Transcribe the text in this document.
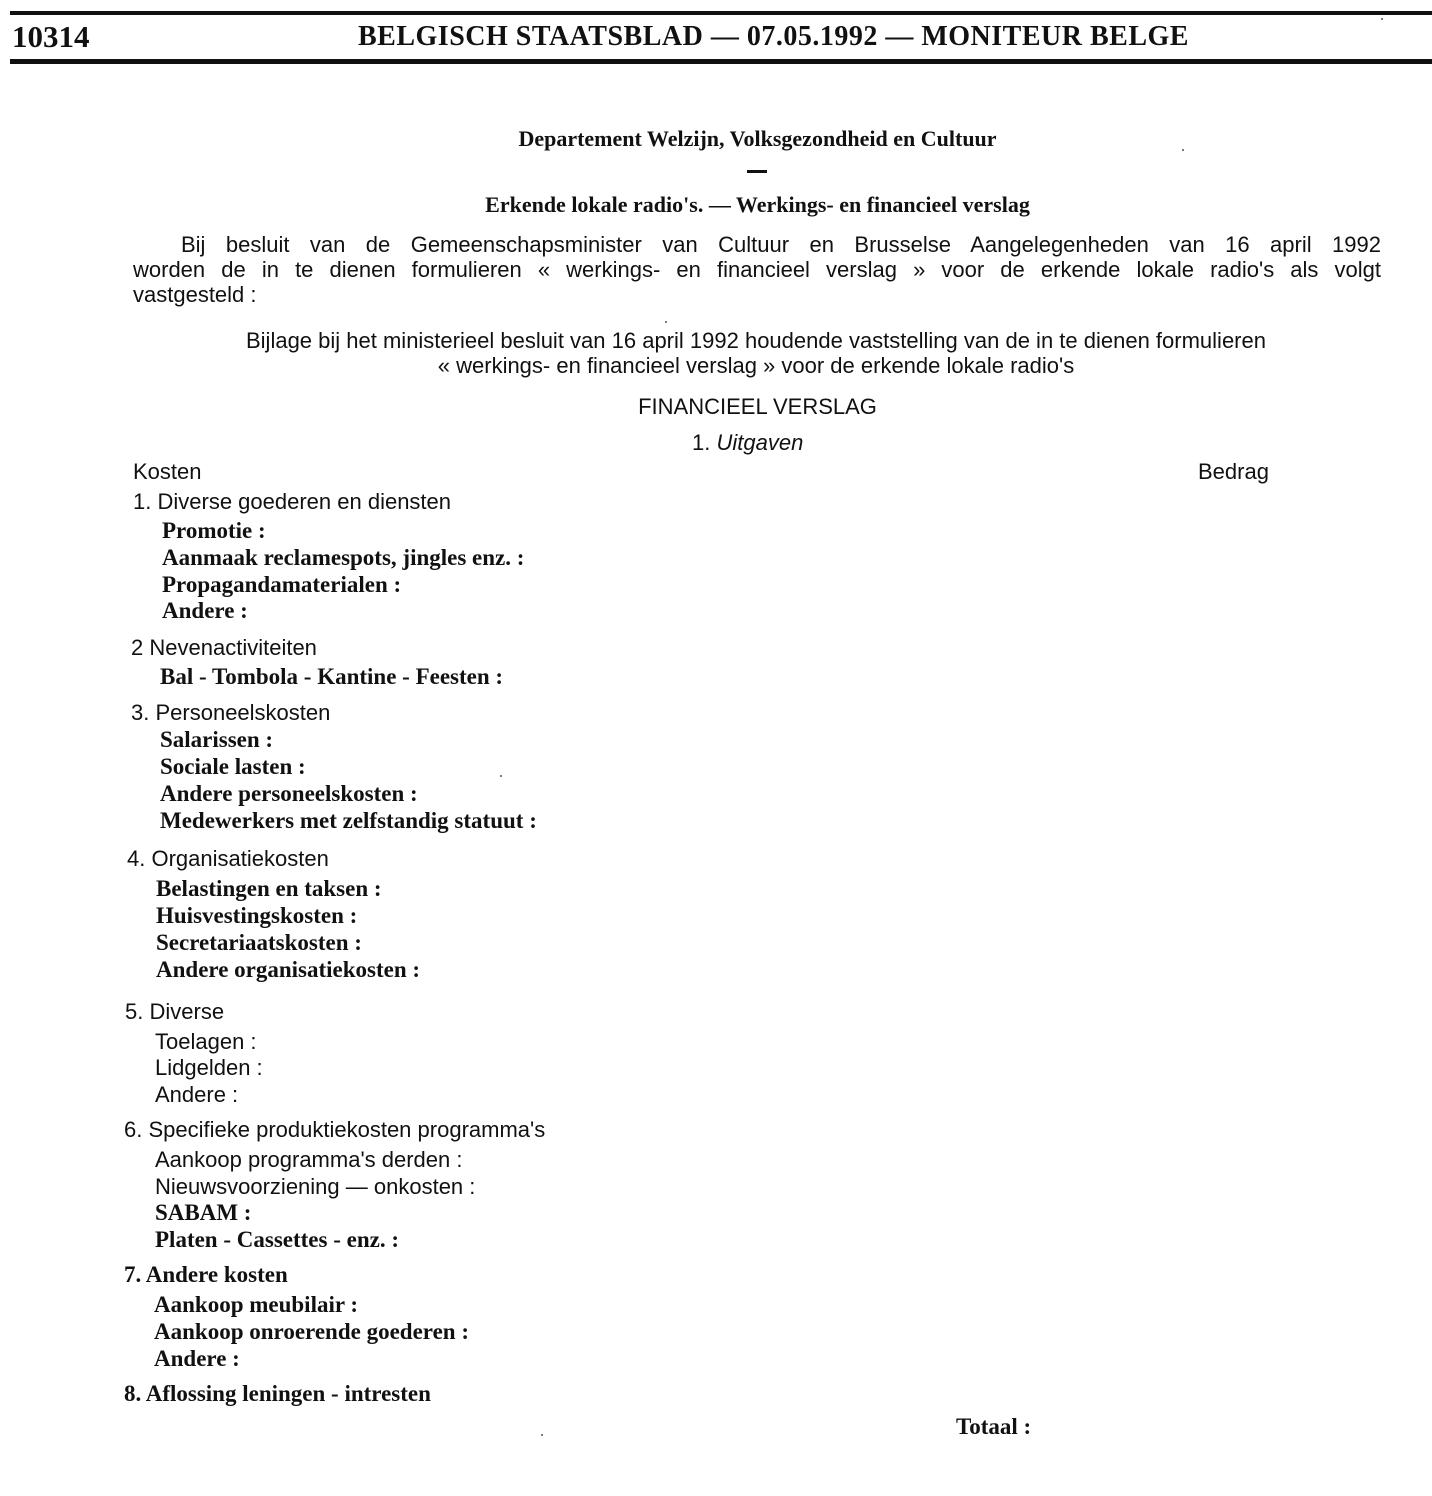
10314	BELGISCH STAATSBLAD — 07.05.1992 — MONITEUR BELGE
Departement Welzijn, Volksgezondheid en Cultuur
Erkende lokale radio's. — Werkings- en financieel verslag
Bij besluit van de Gemeenschapsminister van Cultuur en Brusselse Aangelegenheden van 16 april 1992
worden de in te dienen formulieren « werkings- en financieel verslag » voor de erkende lokale radio's als volgt
vastgesteld :
Bijlage bij het ministerieel besluit van 16 april 1992 houdende vaststelling van de in te dienen formulieren
« werkings- en financieel verslag » voor de erkende lokale radio's
FINANCIEEL VERSLAG
1. Uitgaven
Kosten	Bedrag
1. Diverse goederen en diensten
Promotie :
Aanmaak reclamespots, jingles enz. :
Propagandamaterialen :
Andere :
2 Nevenactiviteiten
Bal - Tombola - Kantine - Feesten :
3. Personeelskosten
Salarissen :
Sociale lasten :
Andere personeelskosten :
Medewerkers met zelfstandig statuut :
4. Organisatiekosten
Belastingen en taksen :
Huisvestingskosten :
Secretariaatskosten :
Andere organisatiekosten :
5. Diverse
Toelagen :
Lidgelden :
Andere :
6. Specifieke produktiekosten programma's
Aankoop programma's derden :
Nieuwsvoorziening — onkosten :
SABAM :
Platen - Cassettes - enz. :
7. Andere kosten
Aankoop meubilair :
Aankoop onroerende goederen :
Andere :
8. Aflossing leningen - intresten
Totaal :
